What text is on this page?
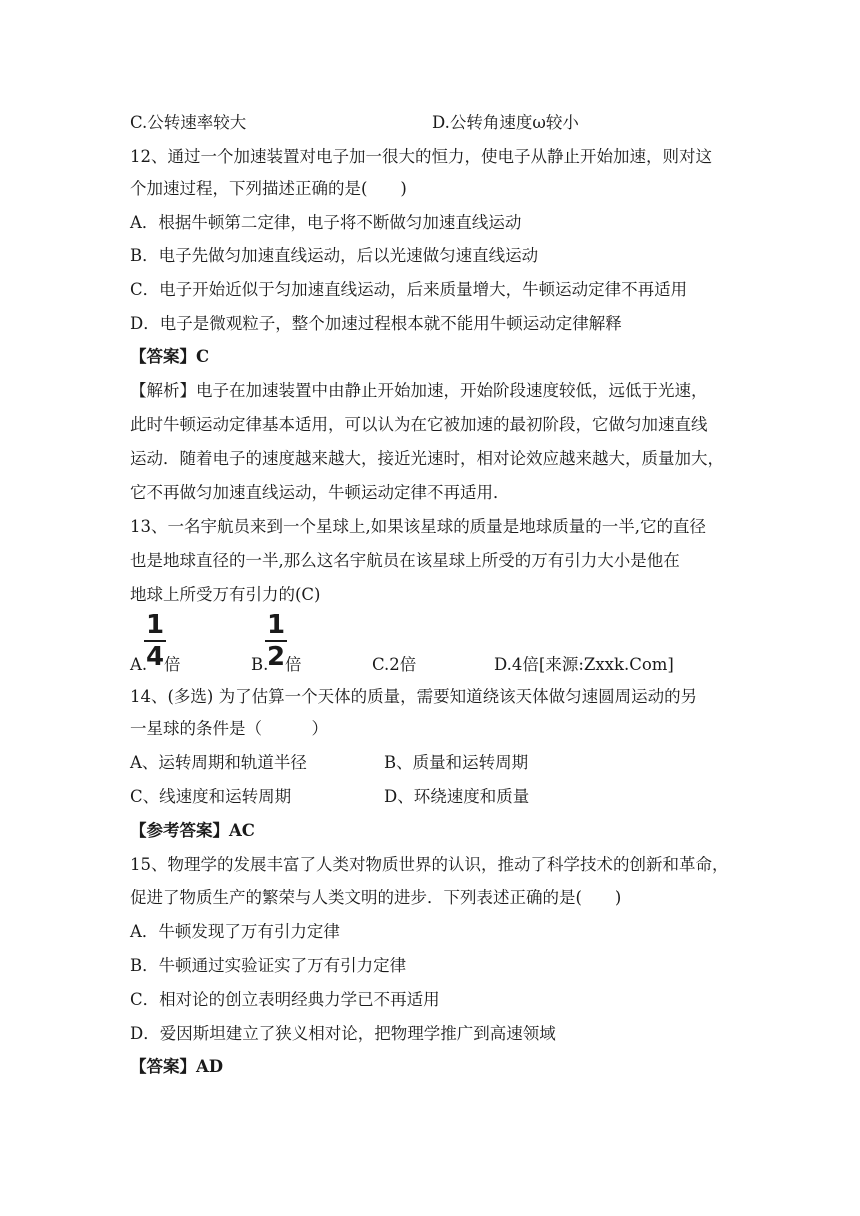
C.公转速率较大	D.公转角速度ω较小
12、通过一个加速装置对电子加一很大的恒力，使电子从静止开始加速，则对这
个加速过程，下列描述正确的是(　　)
A．根据牛顿第二定律，电子将不断做匀加速直线运动
B．电子先做匀加速直线运动，后以光速做匀速直线运动
C．电子开始近似于匀加速直线运动，后来质量增大，牛顿运动定律不再适用
D．电子是微观粒子，整个加速过程根本就不能用牛顿运动定律解释
【答案】C
【解析】电子在加速装置中由静止开始加速，开始阶段速度较低，远低于光速，
此时牛顿运动定律基本适用，可以认为在它被加速的最初阶段，它做匀加速直线
运动．随着电子的速度越来越大，接近光速时，相对论效应越来越大，质量加大，
它不再做匀加速直线运动，牛顿运动定律不再适用．
13、一名宇航员来到一个星球上,如果该星球的质量是地球质量的一半,它的直径
也是地球直径的一半,那么这名宇航员在该星球上所受的万有引力大小是他在
地球上所受万有引力的(C)
1
4
1
2
A. 倍	B. 倍	C.2倍	D.4倍[来源:Zxxk.Com]
14、(多选) 为了估算一个天体的质量，需要知道绕该天体做匀速圆周运动的另
一星球的条件是（　　　）
A、运转周期和轨道半径	B、质量和运转周期
C、线速度和运转周期	D、环绕速度和质量
【参考答案】AC
15、物理学的发展丰富了人类对物质世界的认识，推动了科学技术的创新和革命，
促进了物质生产的繁荣与人类文明的进步．下列表述正确的是(　　)
A．牛顿发现了万有引力定律
B．牛顿通过实验证实了万有引力定律
C．相对论的创立表明经典力学已不再适用
D．爱因斯坦建立了狭义相对论，把物理学推广到高速领域
【答案】AD
